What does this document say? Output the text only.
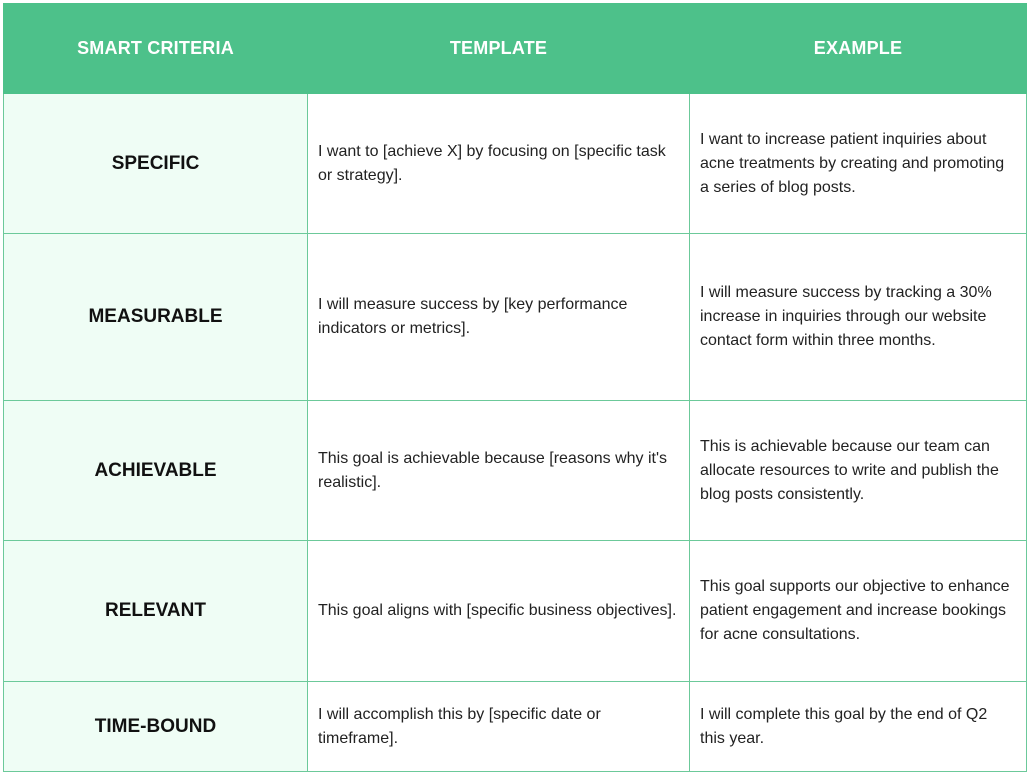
SMART CRITERIA	TEMPLATE	EXAMPLE
SPECIFIC	I want to [achieve X] by focusing on [specific task or strategy].	I want to increase patient inquiries about acne treatments by creating and promoting a series of blog posts.
MEASURABLE	I will measure success by [key performance indicators or metrics].	I will measure success by tracking a 30% increase in inquiries through our website contact form within three months.
ACHIEVABLE	This goal is achievable because [reasons why it's realistic].	This is achievable because our team can allocate resources to write and publish the blog posts consistently.
RELEVANT	This goal aligns with [specific business objectives].	This goal supports our objective to enhance patient engagement and increase bookings for acne consultations.
TIME-BOUND	I will accomplish this by [specific date or timeframe].	I will complete this goal by the end of Q2 this year.
